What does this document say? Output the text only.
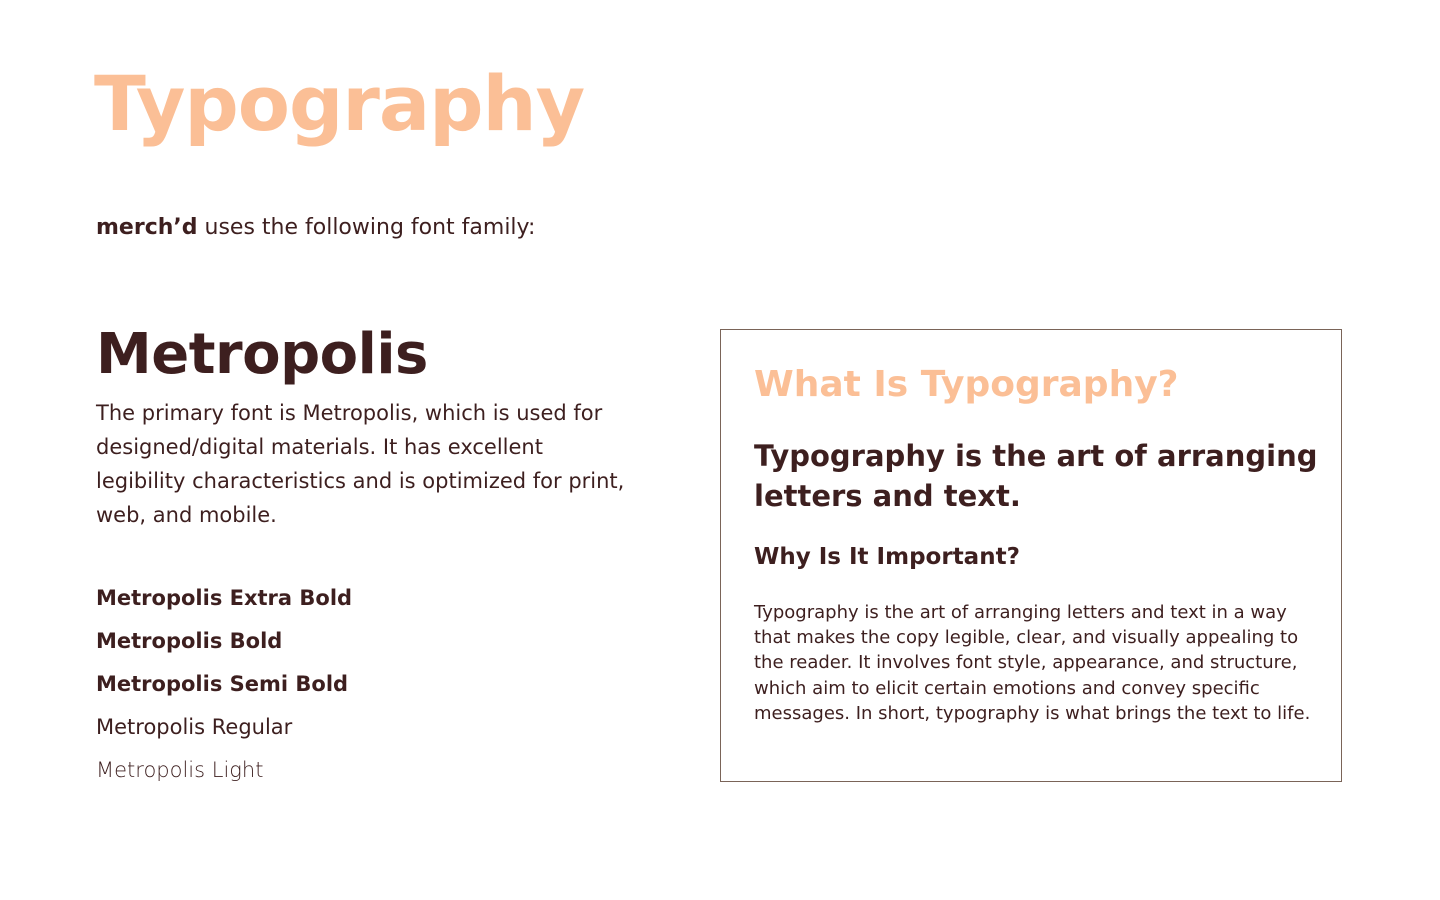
Typography

merch’d uses the following font family:

Metropolis

The primary font is Metropolis, which is used for designed/digital materials. It has excellent legibility characteristics and is optimized for print, web, and mobile.

Metropolis Extra Bold
Metropolis Bold
Metropolis Semi Bold
Metropolis Regular
Metropolis Light
What Is Typography?

Typography is the art of arranging letters and text.

Why Is It Important?

Typography is the art of arranging letters and text in a way that makes the copy legible, clear, and visually appealing to the reader. It involves font style, appearance, and structure, which aim to elicit certain emotions and convey specific messages. In short, typography is what brings the text to life.
